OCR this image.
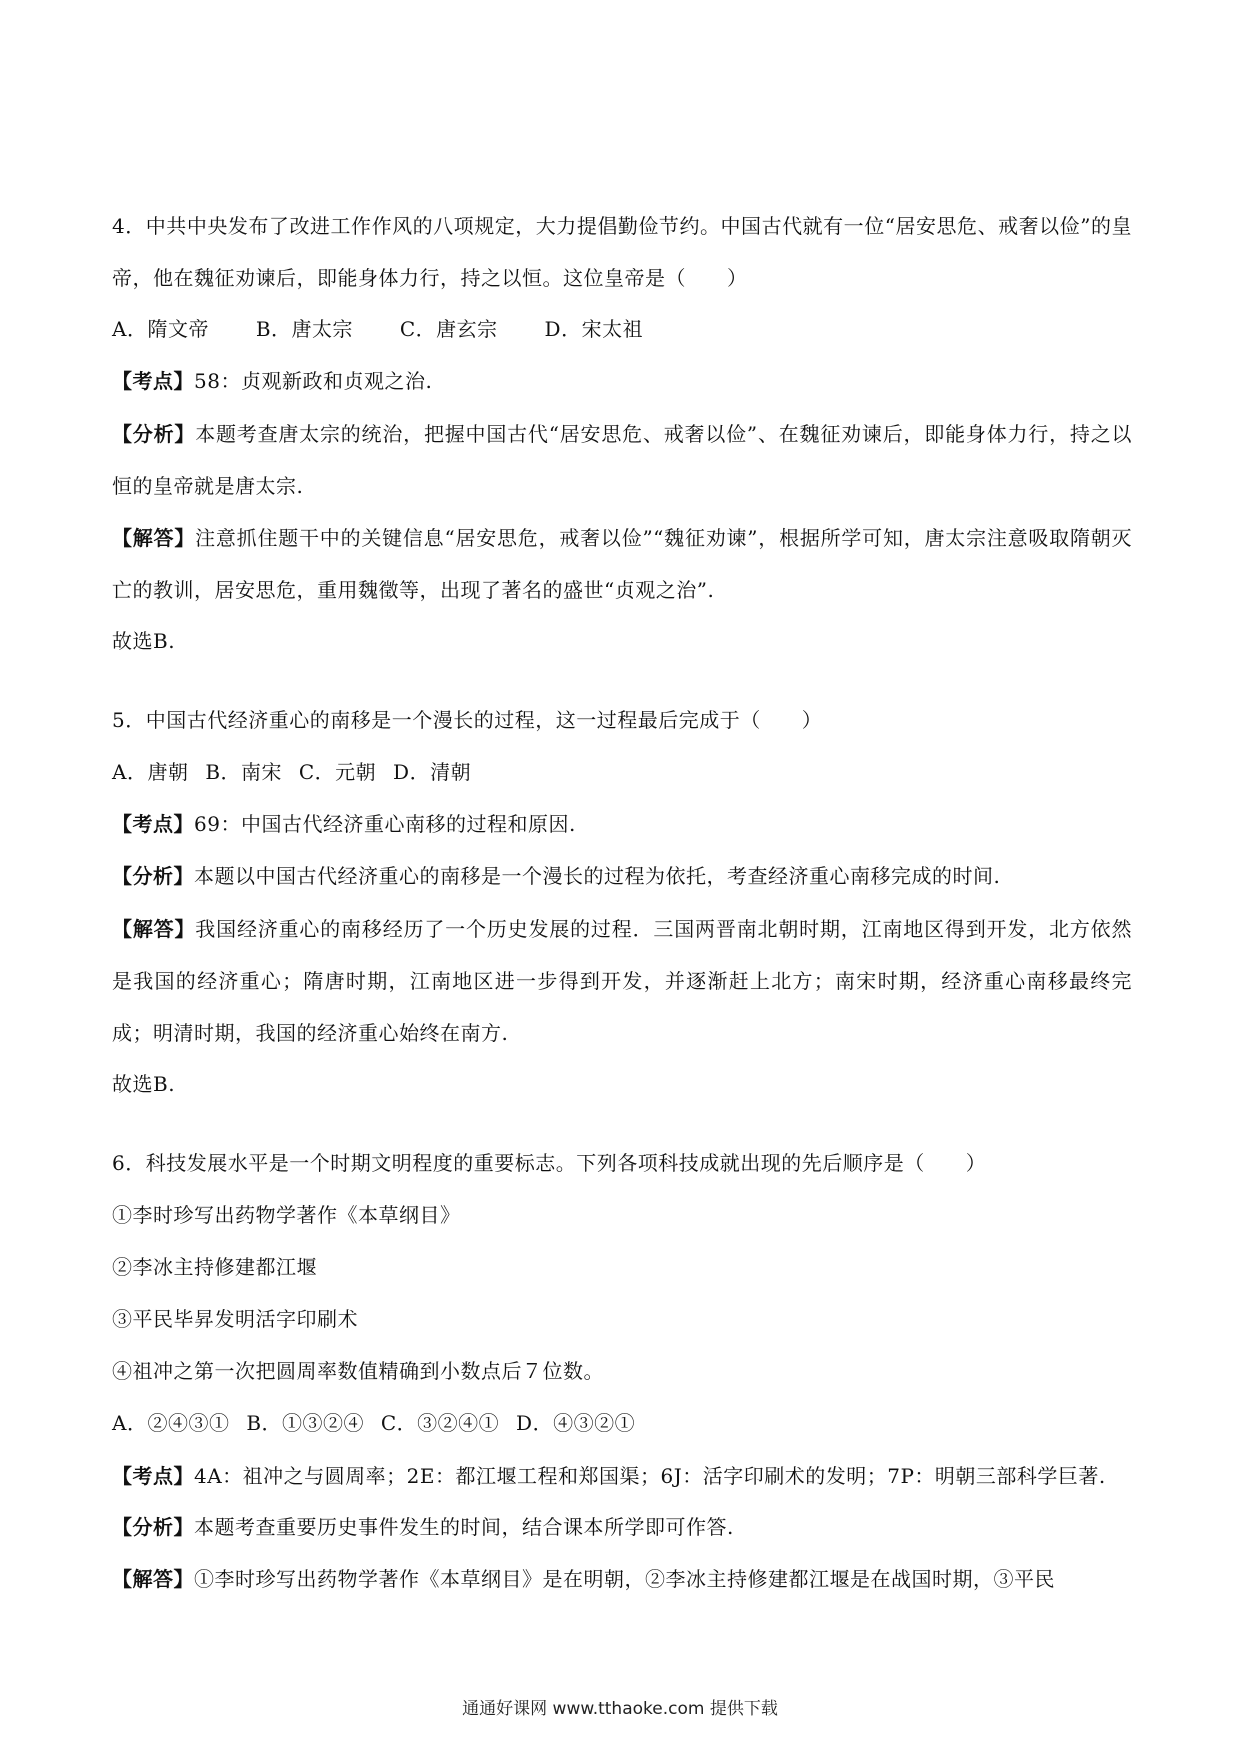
4．中共中央发布了改进工作作风的八项规定，大力提倡勤俭节约。中国古代就有一位“居安思危、戒奢以俭”的皇帝，他在魏征劝谏后，即能身体力行，持之以恒。这位皇帝是（　　）

A．隋文帝 B．唐太宗 C．唐玄宗 D．宋太祖

【考点】58：贞观新政和贞观之治.

【分析】本题考查唐太宗的统治，把握中国古代“居安思危、戒奢以俭”、在魏征劝谏后，即能身体力行，持之以恒的皇帝就是唐太宗.

【解答】注意抓住题干中的关键信息“居安思危，戒奢以俭”“魏征劝谏”，根据所学可知，唐太宗注意吸取隋朝灭亡的教训，居安思危，重用魏徵等，出现了著名的盛世“贞观之治”.

故选B.

5．中国古代经济重心的南移是一个漫长的过程，这一过程最后完成于（　　）

A．唐朝 B．南宋 C．元朝 D．清朝

【考点】69：中国古代经济重心南移的过程和原因.

【分析】本题以中国古代经济重心的南移是一个漫长的过程为依托，考查经济重心南移完成的时间.

【解答】我国经济重心的南移经历了一个历史发展的过程．三国两晋南北朝时期，江南地区得到开发，北方依然是我国的经济重心；隋唐时期，江南地区进一步得到开发，并逐渐赶上北方；南宋时期，经济重心南移最终完成；明清时期，我国的经济重心始终在南方.

故选B.

6．科技发展水平是一个时期文明程度的重要标志。下列各项科技成就出现的先后顺序是（　　）

①李时珍写出药物学著作《本草纲目》

②李冰主持修建都江堰

③平民毕昇发明活字印刷术

④祖冲之第一次把圆周率数值精确到小数点后７位数。

A．②④③① B．①③②④ C．③②④① D．④③②①

【考点】4A：祖冲之与圆周率；2E：都江堰工程和郑国渠；6J：活字印刷术的发明；7P：明朝三部科学巨著.

【分析】本题考查重要历史事件发生的时间，结合课本所学即可作答.

【解答】①李时珍写出药物学著作《本草纲目》是在明朝，②李冰主持修建都江堰是在战国时期，③平民

通通好课网 www.tthaoke.com 提供下载
